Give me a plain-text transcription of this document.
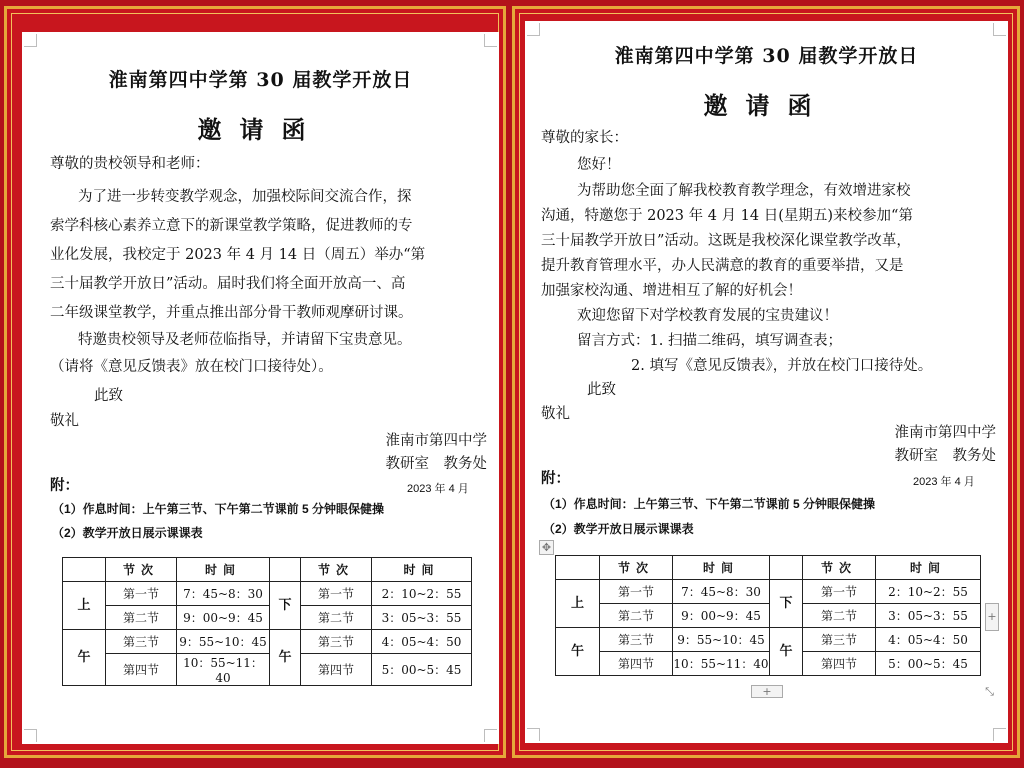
淮南第四中学第 30 届教学开放日
邀请函
尊敬的贵校领导和老师：
为了进一步转变教学观念，加强校际间交流合作，探
索学科核心素养立意下的新课堂教学策略，促进教师的专
业化发展，我校定于 2023 年 4 月 14 日（周五）举办“第
三十届教学开放日”活动。届时我们将全面开放高一、高
二年级课堂教学，并重点推出部分骨干教师观摩研讨课。
特邀贵校领导及老师莅临指导，并请留下宝贵意见。
（请将《意见反馈表》放在校门口接待处）。
此致
敬礼
淮南市第四中学
教研室　教务处
附：	2023 年 4 月
（1）作息时间：上午第三节、下午第二节课前 5 分钟眼保健操
（2）教学开放日展示课课表
	节次	时间		节次	时间
上	第一节	7：45~8：30	下	第一节	2：10~2：55
	第二节	9：00~9：45		第二节	3：05~3：55
午	第三节	9：55~10：45	午	第三节	4：05~4：50
	第四节	10：55~11：40		第四节	5：00~5：45
淮南第四中学第 30 届教学开放日
邀请函
尊敬的家长：
您好！
为帮助您全面了解我校教育教学理念，有效增进家校
沟通，特邀您于 2023 年 4 月 14 日(星期五)来校参加“第
三十届教学开放日”活动。这既是我校深化课堂教学改革，
提升教育管理水平，办人民满意的教育的重要举措，又是
加强家校沟通、增进相互了解的好机会！
欢迎您留下对学校教育发展的宝贵建议！
留言方式：1. 扫描二维码，填写调查表；
2. 填写《意见反馈表》，并放在校门口接待处。
此致
敬礼
淮南市第四中学
教研室　教务处
附：	2023 年 4 月
（1）作息时间：上午第三节、下午第二节课前 5 分钟眼保健操
（2）教学开放日展示课课表
✥
	节次	时间		节次	时间
上	第一节	7：45~8：30	下	第一节	2：10~2：55
	第二节	9：00~9：45		第二节	3：05~3：55
午	第三节	9：55~10：45	午	第三节	4：05~4：50
	第四节	10：55~11：40		第四节	5：00~5：45
+
+	⤡
